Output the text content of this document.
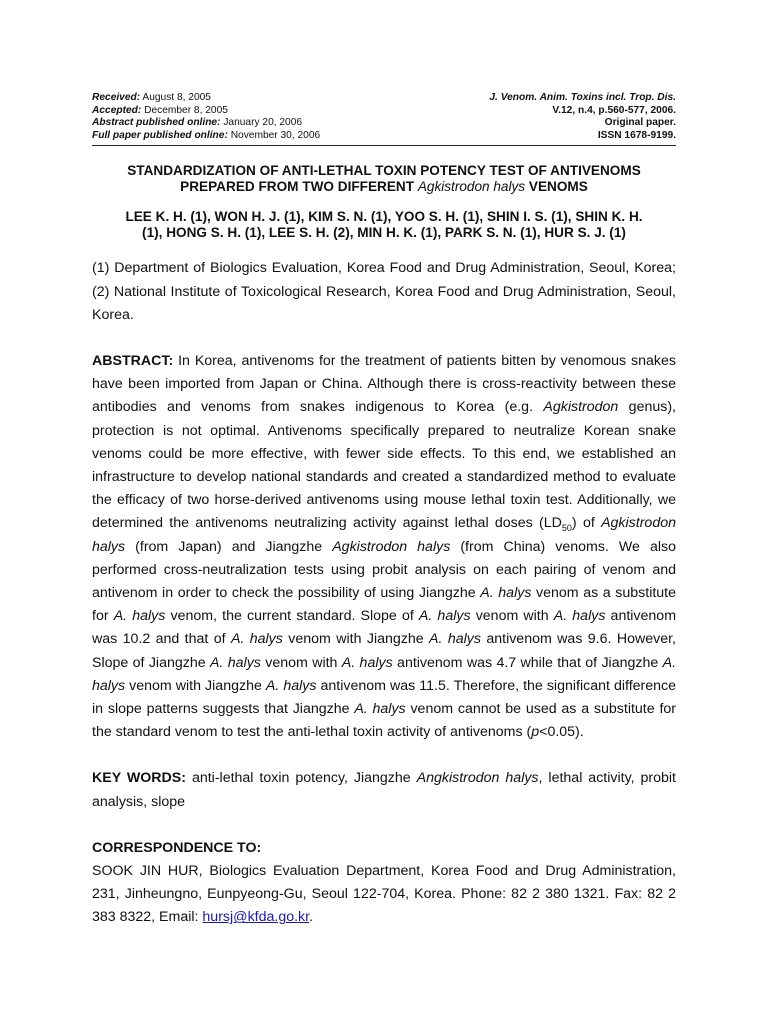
Received: August 8, 2005
Accepted: December 8, 2005
Abstract published online: January 20, 2006
Full paper published online: November 30, 2006
J. Venom. Anim. Toxins incl. Trop. Dis.
V.12, n.4, p.560-577, 2006.
Original paper.
ISSN 1678-9199.
STANDARDIZATION OF ANTI-LETHAL TOXIN POTENCY TEST OF ANTIVENOMS
PREPARED FROM TWO DIFFERENT Agkistrodon halys VENOMS
LEE K. H. (1), WON H. J. (1), KIM S. N. (1), YOO S. H. (1), SHIN I. S. (1), SHIN K. H.
(1), HONG S. H. (1), LEE S. H. (2), MIN H. K. (1), PARK S. N. (1), HUR S. J. (1)

(1) Department of Biologics Evaluation, Korea Food and Drug Administration, Seoul, Korea; (2) National Institute of Toxicological Research, Korea Food and Drug Administration, Seoul, Korea.

ABSTRACT: In Korea, antivenoms for the treatment of patients bitten by venomous snakes have been imported from Japan or China. Although there is cross-reactivity between these antibodies and venoms from snakes indigenous to Korea (e.g. Agkistrodon genus), protection is not optimal. Antivenoms specifically prepared to neutralize Korean snake venoms could be more effective, with fewer side effects. To this end, we established an infrastructure to develop national standards and created a standardized method to evaluate the efficacy of two horse-derived antivenoms using mouse lethal toxin test. Additionally, we determined the antivenoms neutralizing activity against lethal doses $(LD_{50})$ of Agkistrodon halys (from Japan) and Jiangzhe Agkistrodon halys (from China) venoms. We also performed cross-neutralization tests using probit analysis on each pairing of venom and antivenom in order to check the possibility of using Jiangzhe A. halys venom as a substitute for A. halys venom, the current standard. Slope of A. halys venom with A. halys antivenom was 10.2 and that of A. halys venom with Jiangzhe A. halys antivenom was 9.6. However, Slope of Jiangzhe A. halys venom with A. halys antivenom was 4.7 while that of Jiangzhe A. halys venom with Jiangzhe A. halys antivenom was 11.5. Therefore, the significant difference in slope patterns suggests that Jiangzhe A. halys venom cannot be used as a substitute for the standard venom to test the anti-lethal toxin activity of antivenoms (p<0.05).

KEY WORDS: anti-lethal toxin potency, Jiangzhe Angkistrodon halys, lethal activity, probit analysis, slope

CORRESPONDENCE TO:

SOOK JIN HUR, Biologics Evaluation Department, Korea Food and Drug Administration, 231, Jinheungno, Eunpyeong-Gu, Seoul 122-704, Korea. Phone: 82 2 380 1321. Fax: 82 2 383 8322, Email: hursj@kfda.go.kr.
